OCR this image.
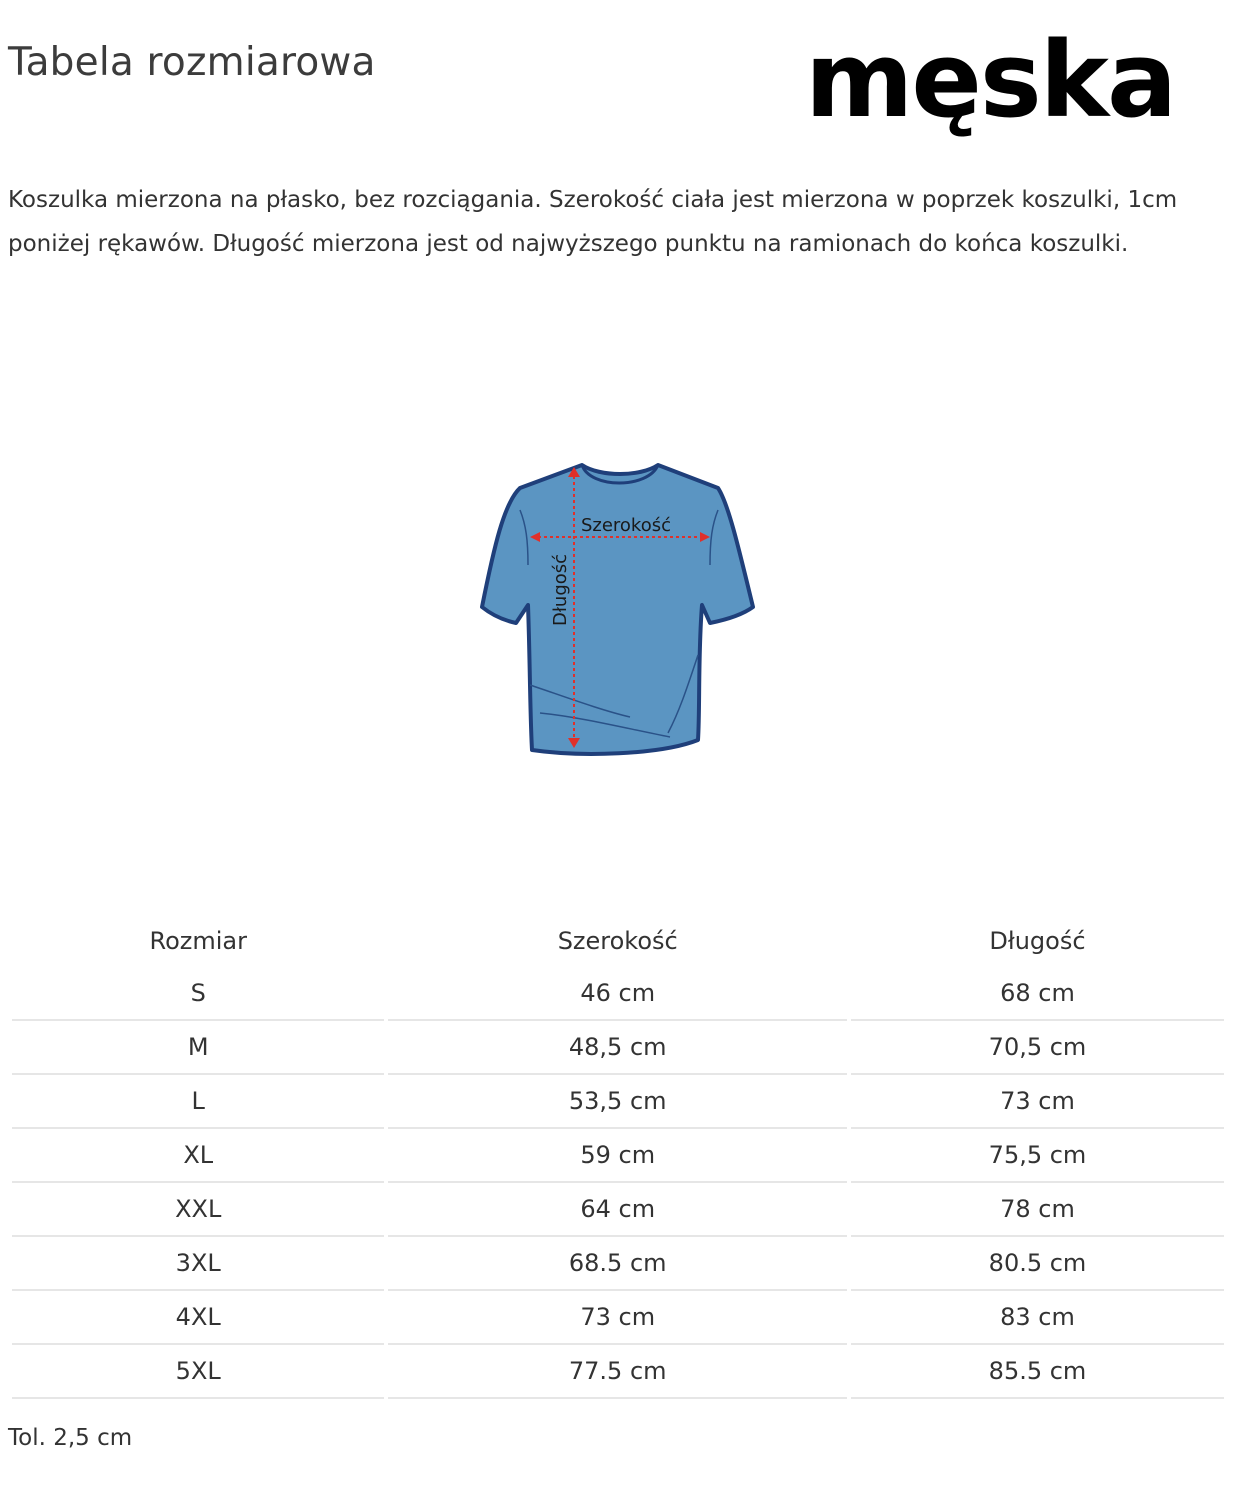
Tabela rozmiarowa	męska

Koszulka mierzona na płasko, bez rozciągania. Szerokość ciała jest mierzona w poprzek koszulki, 1cm poniżej rękawów. Długość mierzona jest od najwyższego punktu na ramionach do końca koszulki.

Szerokość
Długość
Rozmiar	Szerokość	Długość
S	46 cm	68 cm
M	48,5 cm	70,5 cm
L	53,5 cm	73 cm
XL	59 cm	75,5 cm
XXL	64 cm	78 cm
3XL	68.5 cm	80.5 cm
4XL	73 cm	83 cm
5XL	77.5 cm	85.5 cm

Tol. 2,5 cm
